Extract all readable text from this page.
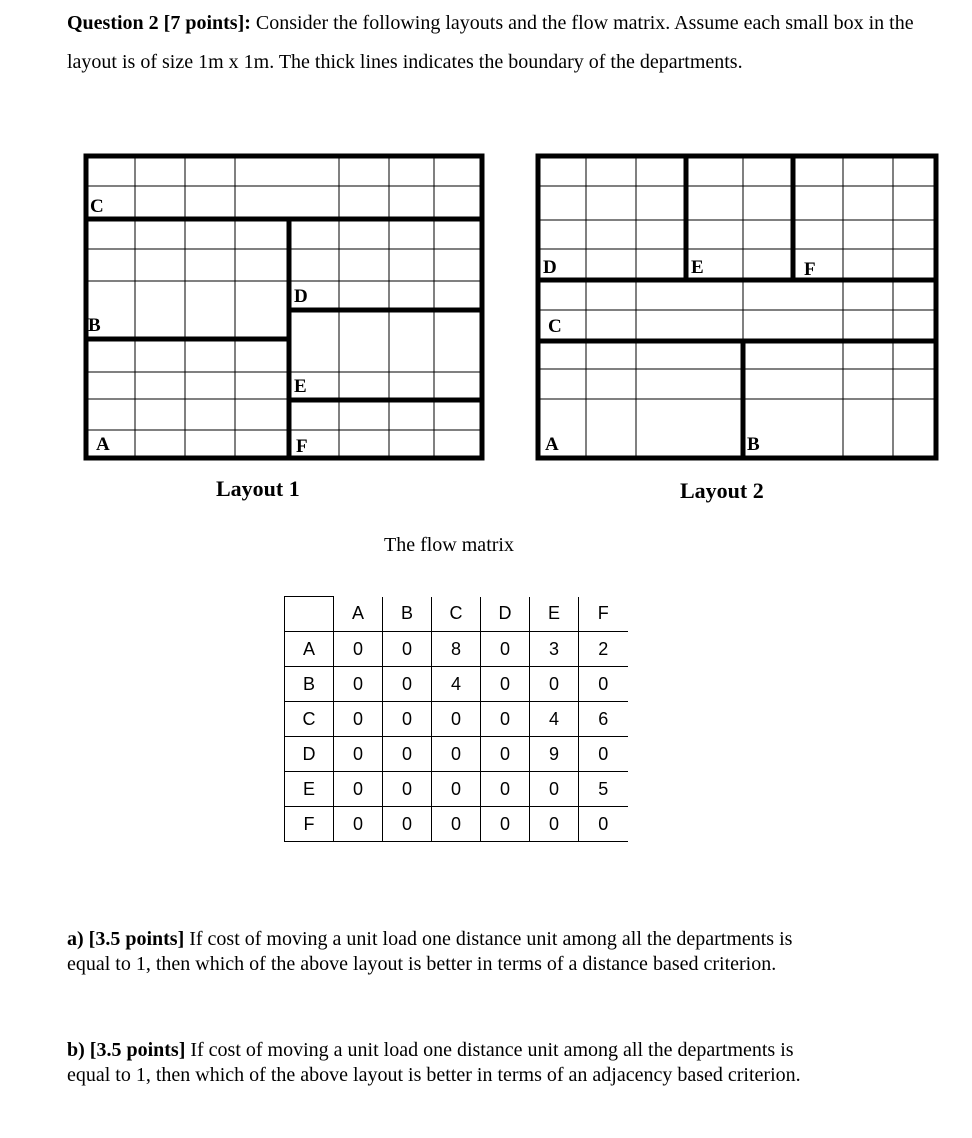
Question 2 [7 points]: Consider the following layouts and the flow matrix. Assume each small box in the layout is of size 1m x 1m. The thick lines indicates the boundary of the departments.
C
B
A
D
E
F
Layout 1
D	E	F
C
A	B
Layout 2
The flow matrix
	A	B	C	D	E	F
A	0	0	8	0	3	2
B	0	0	4	0	0	0
C	0	0	0	0	4	6
D	0	0	0	0	9	0
E	0	0	0	0	0	5
F	0	0	0	0	0	0
a) [3.5 points] If cost of moving a unit load one distance unit among all the departments is equal to 1, then which of the above layout is better in terms of a distance based criterion.
b) [3.5 points] If cost of moving a unit load one distance unit among all the departments is equal to 1, then which of the above layout is better in terms of an adjacency based criterion.
